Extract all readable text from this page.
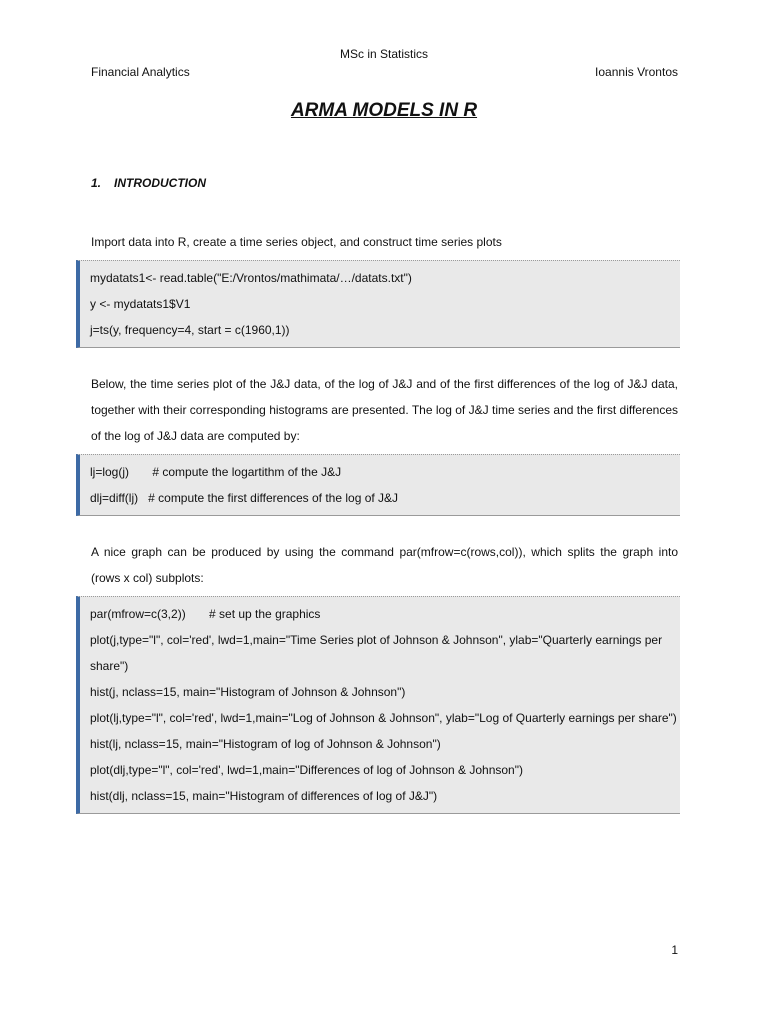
MSc in Statistics
Financial Analytics	Ioannis Vrontos
ARMA MODELS IN R
1. INTRODUCTION
Import data into R, create a time series object, and construct time series plots
mydatats1<- read.table("E:/Vrontos/mathimata/…/datats.txt")
y <- mydatats1$V1
j=ts(y, frequency=4, start = c(1960,1))
Below, the time series plot of the J&J data, of the log of J&J and of the first differences of the log of J&J data, together with their corresponding histograms are presented. The log of J&J time series and the first differences of the log of J&J data are computed by:
lj=log(j)       # compute the logartithm of the J&J
dlj=diff(lj)   # compute the first differences of the log of J&J
A nice graph can be produced by using the command par(mfrow=c(rows,col)), which splits the graph into (rows x col) subplots:
par(mfrow=c(3,2))       # set up the graphics
plot(j,type="l", col='red', lwd=1,main="Time Series plot of Johnson & Johnson", ylab="Quarterly earnings per share")
hist(j, nclass=15, main="Histogram of Johnson & Johnson")
plot(lj,type="l", col='red', lwd=1,main="Log of Johnson & Johnson", ylab="Log of Quarterly earnings per share")
hist(lj, nclass=15, main="Histogram of log of Johnson & Johnson")
plot(dlj,type="l", col='red', lwd=1,main="Differences of log of Johnson & Johnson")
hist(dlj, nclass=15, main="Histogram of differences of log of J&J")
1
